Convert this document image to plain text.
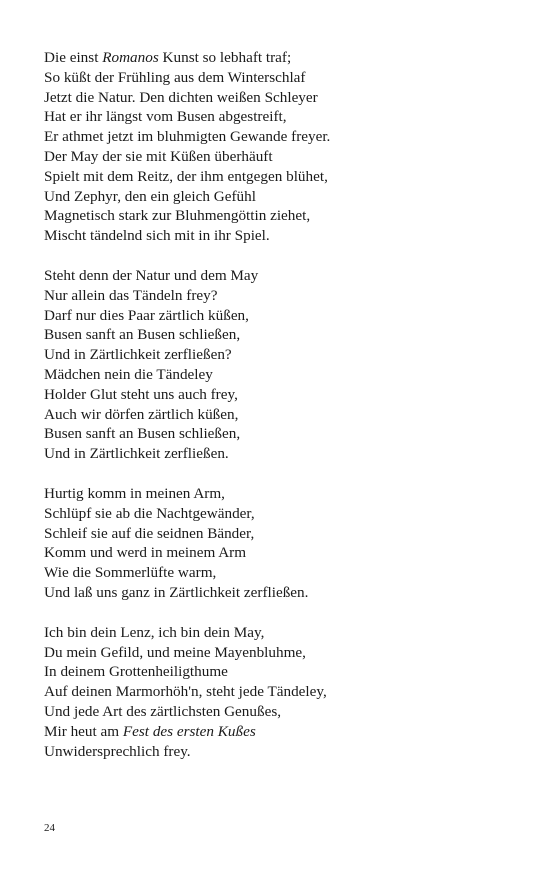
Die einst Romanos Kunst so lebhaft traf;
So küßt der Frühling aus dem Winterschlaf
Jetzt die Natur. Den dichten weißen Schleyer
Hat er ihr längst vom Busen abgestreift,
Er athmet jetzt im bluhmigten Gewande freyer.
Der May der sie mit Küßen überhäuft
Spielt mit dem Reitz, der ihm entgegen blühet,
Und Zephyr, den ein gleich Gefühl
Magnetisch stark zur Bluhmengöttin ziehet,
Mischt tändelnd sich mit in ihr Spiel.
Steht denn der Natur und dem May
Nur allein das Tändeln frey?
Darf nur dies Paar zärtlich küßen,
Busen sanft an Busen schließen,
Und in Zärtlichkeit zerfließen?
Mädchen nein die Tändeley
Holder Glut steht uns auch frey,
Auch wir dörfen zärtlich küßen,
Busen sanft an Busen schließen,
Und in Zärtlichkeit zerfließen.
Hurtig komm in meinen Arm,
Schlüpf sie ab die Nachtgewänder,
Schleif sie auf die seidnen Bänder,
Komm und werd in meinem Arm
Wie die Sommerlüfte warm,
Und laß uns ganz in Zärtlichkeit zerfließen.
Ich bin dein Lenz, ich bin dein May,
Du mein Gefild, und meine Mayenbluhme,
In deinem Grottenheiligthume
Auf deinen Marmorhöh'n, steht jede Tändeley,
Und jede Art des zärtlichsten Genußes,
Mir heut am Fest des ersten Kußes
Unwidersprechlich frey.
24
